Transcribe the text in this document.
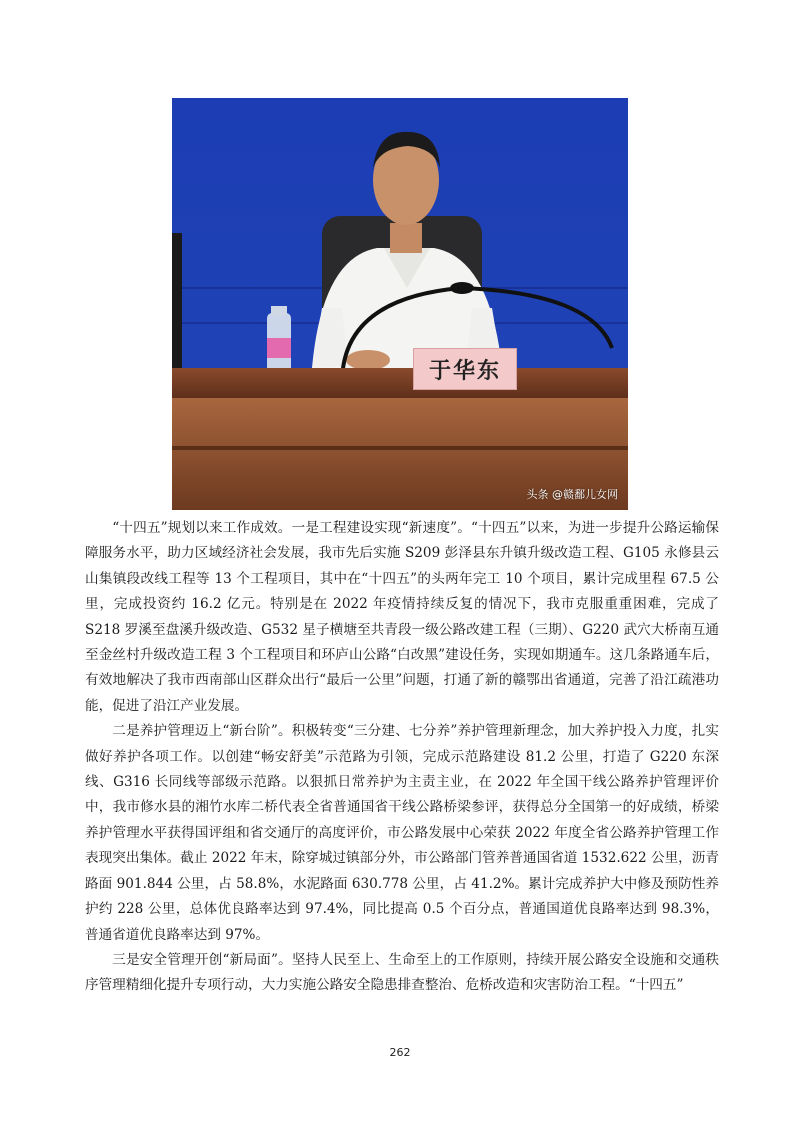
于华东
头条 @赣鄱儿女网

“十四五”规划以来工作成效。一是工程建设实现“新速度”。“十四五”以来，为进一步提升公路运输保障服务水平，助力区域经济社会发展，我市先后实施 S209 彭泽县东升镇升级改造工程、G105 永修县云山集镇段改线工程等 13 个工程项目，其中在“十四五”的头两年完工 10 个项目，累计完成里程 67.5 公里，完成投资约 16.2 亿元。特别是在 2022 年疫情持续反复的情况下，我市克服重重困难，完成了 S218 罗溪至盘溪升级改造、G532 星子横塘至共青段一级公路改建工程（三期）、G220 武穴大桥南互通至金丝村升级改造工程 3 个工程项目和环庐山公路“白改黑”建设任务，实现如期通车。这几条路通车后，有效地解决了我市西南部山区群众出行“最后一公里”问题，打通了新的赣鄂出省通道，完善了沿江疏港功能，促进了沿江产业发展。

二是养护管理迈上“新台阶”。积极转变“三分建、七分养”养护管理新理念，加大养护投入力度，扎实做好养护各项工作。以创建“畅安舒美”示范路为引领，完成示范路建设 81.2 公里，打造了 G220 东深线、G316 长同线等部级示范路。以狠抓日常养护为主责主业，在 2022 年全国干线公路养护管理评价中，我市修水县的湘竹水库二桥代表全省普通国省干线公路桥梁参评，获得总分全国第一的好成绩，桥梁养护管理水平获得国评组和省交通厅的高度评价，市公路发展中心荣获 2022 年度全省公路养护管理工作表现突出集体。截止 2022 年末，除穿城过镇部分外，市公路部门管养普通国省道 1532.622 公里，沥青路面 901.844 公里，占 58.8%，水泥路面 630.778 公里，占 41.2%。累计完成养护大中修及预防性养护约 228 公里，总体优良路率达到 97.4%，同比提高 0.5 个百分点，普通国道优良路率达到 98.3%，普通省道优良路率达到 97%。

三是安全管理开创“新局面”。坚持人民至上、生命至上的工作原则，持续开展公路安全设施和交通秩序管理精细化提升专项行动，大力实施公路安全隐患排查整治、危桥改造和灾害防治工程。“十四五”

262
